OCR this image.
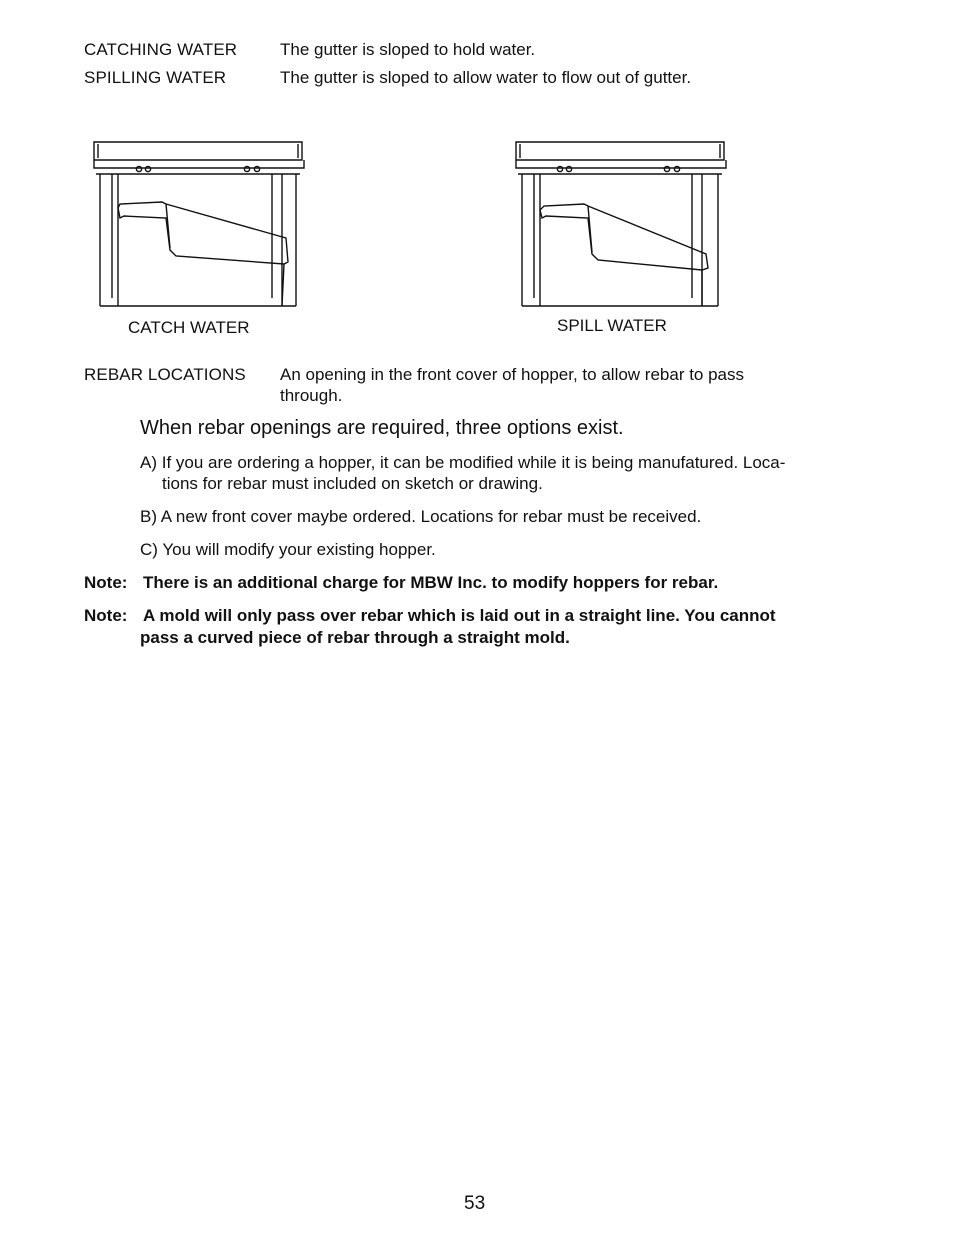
CATCHING WATER	The gutter is sloped to hold water.
SPILLING WATER	The gutter is sloped to allow water to flow out of gutter.
CATCH WATER	SPILL WATER
REBAR LOCATIONS An opening in the front cover of hopper, to allow rebar to pass
through.
When rebar openings are required, three options exist.
A) If you are ordering a hopper, it can be modified while it is being manufatured. Loca-
tions for rebar must included on sketch or drawing.
B) A new front cover maybe ordered. Locations for rebar must be received.
C) You will modify your existing hopper.
Note: There is an additional charge for MBW Inc. to modify hoppers for rebar.
Note: A mold will only pass over rebar which is laid out in a straight line. You cannot
pass a curved piece of rebar through a straight mold.
53
